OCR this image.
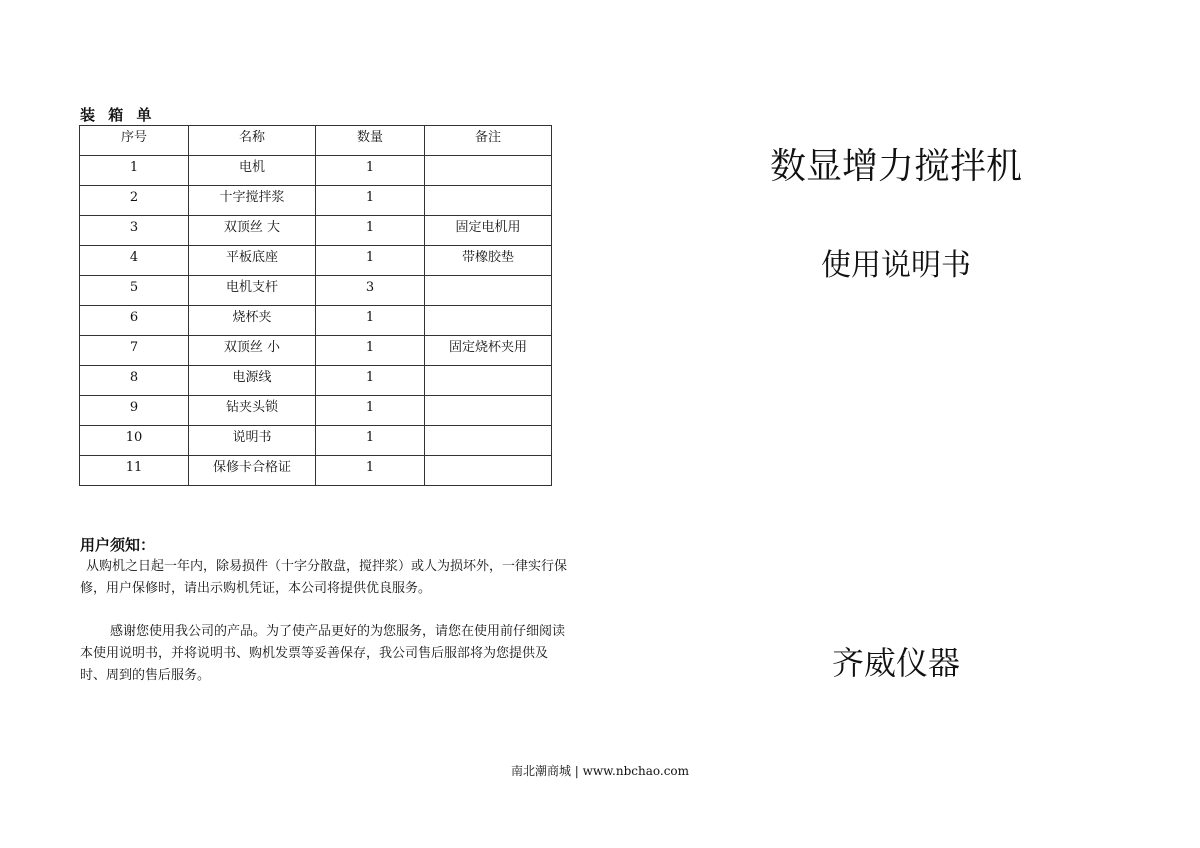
装 箱 单
序号	名称	数量	备注
1	电机	1	
2	十字搅拌浆	1	
3	双顶丝 大	1	固定电机用
4	平板底座	1	带橡胶垫
5	电机支杆	3	
6	烧杯夹	1	
7	双顶丝 小	1	固定烧杯夹用
8	电源线	1	
9	钻夹头锁	1	
10	说明书	1	
11	保修卡合格证	1	
用户须知：
从购机之日起一年内，除易损件（十字分散盘，搅拌浆）或人为损坏外，一律实行保修，用户保修时，请出示购机凭证，本公司将提供优良服务。
感谢您使用我公司的产品。为了使产品更好的为您服务，请您在使用前仔细阅读本使用说明书，并将说明书、购机发票等妥善保存，我公司售后服部将为您提供及时、周到的售后服务。
数显增力搅拌机
使用说明书
齐威仪器
南北潮商城 | www.nbchao.com
